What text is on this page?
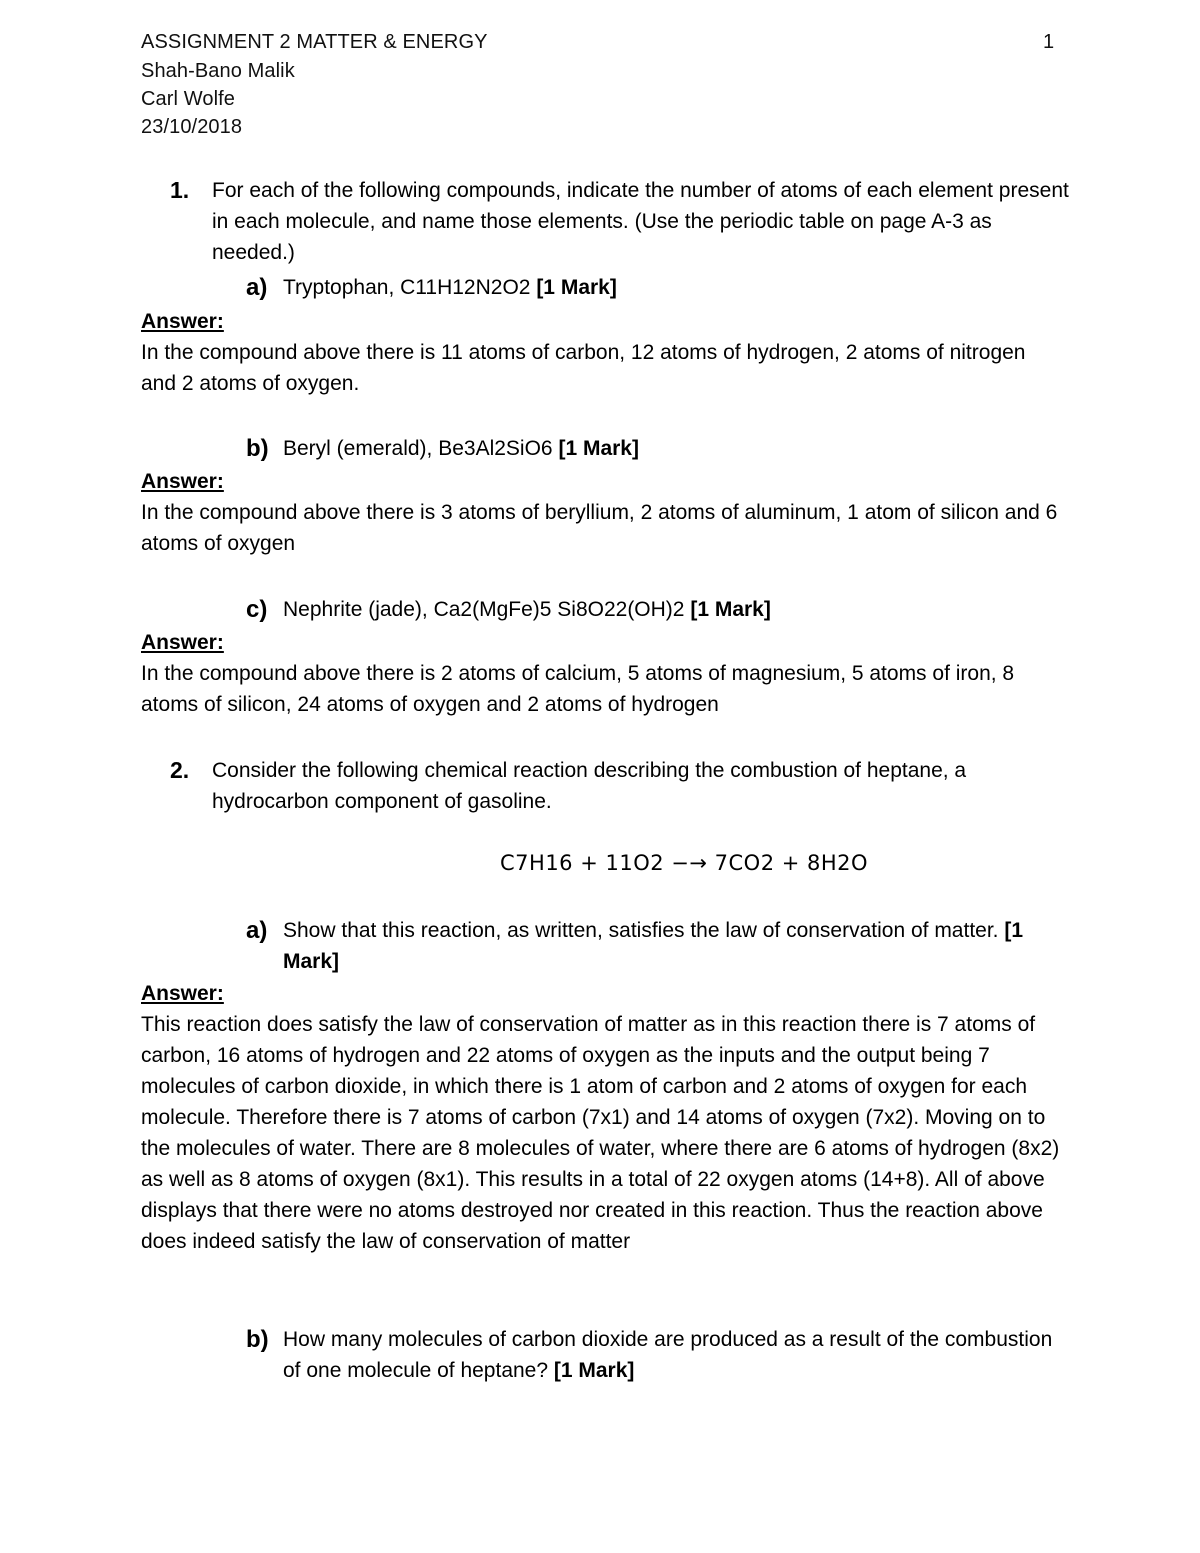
ASSIGNMENT 2 MATTER & ENERGY	1
Shah-Bano Malik
Carl Wolfe
23/10/2018
1. For each of the following compounds, indicate the number of atoms of each element present in each molecule, and name those elements. (Use the periodic table on page A-3 as needed.)
a) Tryptophan, C11H12N2O2 [1 Mark]
Answer:
In the compound above there is 11 atoms of carbon, 12 atoms of hydrogen, 2 atoms of nitrogen and 2 atoms of oxygen.
b) Beryl (emerald), Be3Al2SiO6 [1 Mark]
Answer:
In the compound above there is 3 atoms of beryllium, 2 atoms of aluminum, 1 atom of silicon and 6 atoms of oxygen
c) Nephrite (jade), Ca2(MgFe)5 Si8O22(OH)2 [1 Mark]
Answer:
In the compound above there is 2 atoms of calcium, 5 atoms of magnesium, 5 atoms of iron, 8 atoms of silicon, 24 atoms of oxygen and 2 atoms of hydrogen
2. Consider the following chemical reaction describing the combustion of heptane, a hydrocarbon component of gasoline.
C7H16 + 11O2 −→ 7CO2 + 8H2O
a) Show that this reaction, as written, satisfies the law of conservation of matter. [1 Mark]
Answer:
This reaction does satisfy the law of conservation of matter as in this reaction there is 7 atoms of carbon, 16 atoms of hydrogen and 22 atoms of oxygen as the inputs and the output being 7 molecules of carbon dioxide, in which there is 1 atom of carbon and 2 atoms of oxygen for each molecule. Therefore there is 7 atoms of carbon (7x1) and 14 atoms of oxygen (7x2). Moving on to the molecules of water. There are 8 molecules of water, where there are 6 atoms of hydrogen (8x2) as well as 8 atoms of oxygen (8x1). This results in a total of 22 oxygen atoms (14+8). All of above displays that there were no atoms destroyed nor created in this reaction. Thus the reaction above does indeed satisfy the law of conservation of matter
b) How many molecules of carbon dioxide are produced as a result of the combustion of one molecule of heptane? [1 Mark]
